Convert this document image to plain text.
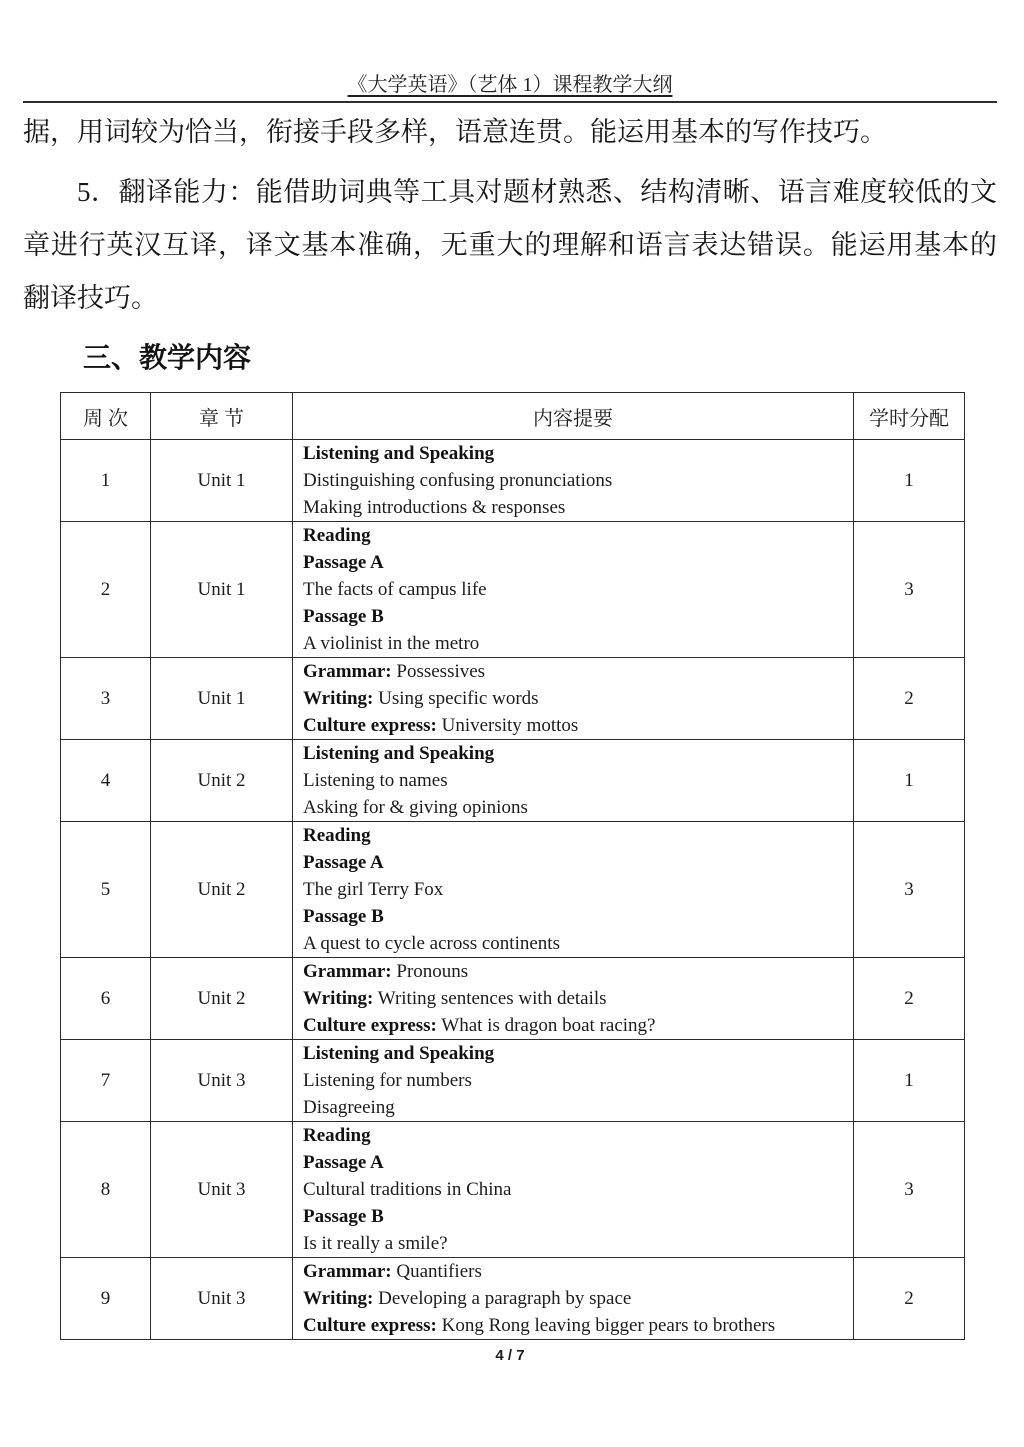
《大学英语》（艺体 1）课程教学大纲

据，用词较为恰当，衔接手段多样，语意连贯。能运用基本的写作技巧。

5．翻译能力：能借助词典等工具对题材熟悉、结构清晰、语言难度较低的文
章进行英汉互译，译文基本准确，无重大的理解和语言表达错误。能运用基本的
翻译技巧。
三、教学内容
周 次	章 节	内容提要	学时分配
1	Unit 1	Listening and Speaking
Distinguishing confusing pronunciations
Making introductions & responses	1
2	Unit 1	Reading
Passage A
The facts of campus life
Passage B
A violinist in the metro	3
3	Unit 1	Grammar: Possessives
Writing: Using specific words
Culture express: University mottos	2
4	Unit 2	Listening and Speaking
Listening to names
Asking for & giving opinions	1
5	Unit 2	Reading
Passage A
The girl Terry Fox
Passage B
A quest to cycle across continents	3
6	Unit 2	Grammar: Pronouns
Writing: Writing sentences with details
Culture express: What is dragon boat racing?	2
7	Unit 3	Listening and Speaking
Listening for numbers
Disagreeing	1
8	Unit 3	Reading
Passage A
Cultural traditions in China
Passage B
Is it really a smile?	3
9	Unit 3	Grammar: Quantifiers
Writing: Developing a paragraph by space
Culture express: Kong Rong leaving bigger pears to brothers	2
4 / 7
